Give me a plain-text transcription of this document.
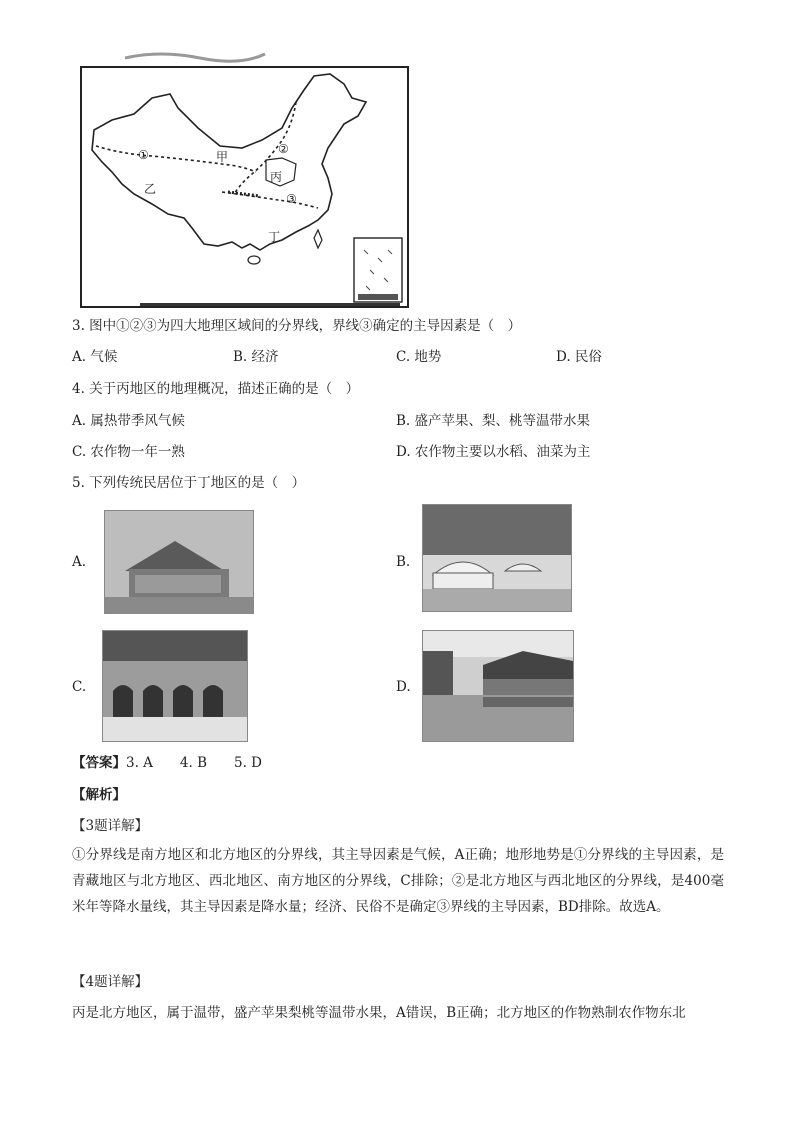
甲
乙
丙
丁
①	②
③
3. 图中①②③为四大地理区域间的分界线，界线③确定的主导因素是（　）
A. 气候	B. 经济	C. 地势	D. 民俗
4. 关于丙地区的地理概况，描述正确的是（　）
A. 属热带季风气候	B. 盛产苹果、梨、桃等温带水果
C. 农作物一年一熟	D. 农作物主要以水稻、油菜为主
5. 下列传统民居位于丁地区的是（　）
A.	B.
C.	D.
【答案】3. A　　4. B　　5. D
【解析】
【3题详解】
①分界线是南方地区和北方地区的分界线，其主导因素是气候，A正确；地形地势是①分界线的主导因素，是青藏地区与北方地区、西北地区、南方地区的分界线，C排除；②是北方地区与西北地区的分界线，是400毫米年等降水量线，其主导因素是降水量；经济、民俗不是确定③界线的主导因素，BD排除。故选A。
【4题详解】
丙是北方地区，属于温带，盛产苹果梨桃等温带水果，A错误，B正确；北方地区的作物熟制农作物东北
